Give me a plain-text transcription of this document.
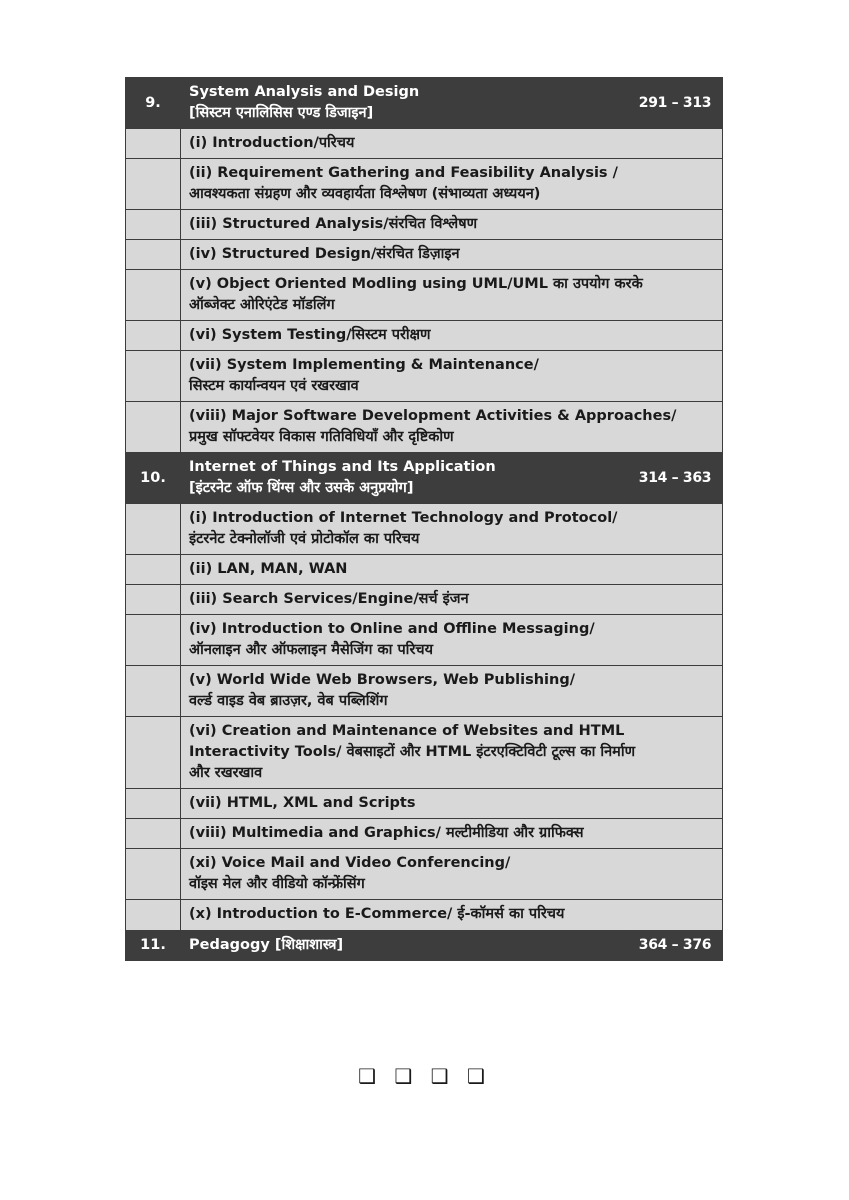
9.	System Analysis and Design
[सिस्टम एनालिसिस एण्ड डिजाइन]	291 – 313

	(i) Introduction/परिचय	

	(ii) Requirement Gathering and Feasibility Analysis /
आवश्यकता संग्रहण और व्यवहार्यता विश्लेषण (संभाव्यता अध्ययन)	

	(iii) Structured Analysis/संरचित विश्लेषण	

	(iv) Structured Design/संरचित डिज़ाइन	

	(v) Object Oriented Modling using UML/UML का उपयोग करके
ऑब्जेक्ट ओरिएंटेड मॉडलिंग	

	(vi) System Testing/सिस्टम परीक्षण	

	(vii) System Implementing & Maintenance/
सिस्टम कार्यान्वयन एवं रखरखाव	

	(viii) Major Software Development Activities & Approaches/
प्रमुख सॉफ्टवेयर विकास गतिविधियाँ और दृष्टिकोण	

10.	Internet of Things and Its Application
[इंटरनेट ऑफ थिंग्स और उसके अनुप्रयोग]	314 – 363

	(i) Introduction of Internet Technology and Protocol/
इंटरनेट टेक्नोलॉजी एवं प्रोटोकॉल का परिचय	

	(ii) LAN, MAN, WAN	

	(iii) Search Services/Engine/सर्च इंजन	

	(iv) Introduction to Online and Offline Messaging/
ऑनलाइन और ऑफलाइन मैसेजिंग का परिचय	

	(v) World Wide Web Browsers, Web Publishing/
वर्ल्ड वाइड वेब ब्राउज़र, वेब पब्लिशिंग	

	(vi) Creation and Maintenance of Websites and HTML
Interactivity Tools/ वेबसाइटों और HTML इंटरएक्टिविटी टूल्स का निर्माण
और रखरखाव	

	(vii) HTML, XML and Scripts	

	(viii) Multimedia and Graphics/ मल्टीमीडिया और ग्राफिक्स	

	(xi) Voice Mail and Video Conferencing/
वॉइस मेल और वीडियो कॉन्फ्रेंसिंग	

	(x) Introduction to E-Commerce/ ई-कॉमर्स का परिचय	

11.	Pedagogy [शिक्षाशास्त्र]	364 – 376
❑ ❑ ❑ ❑
